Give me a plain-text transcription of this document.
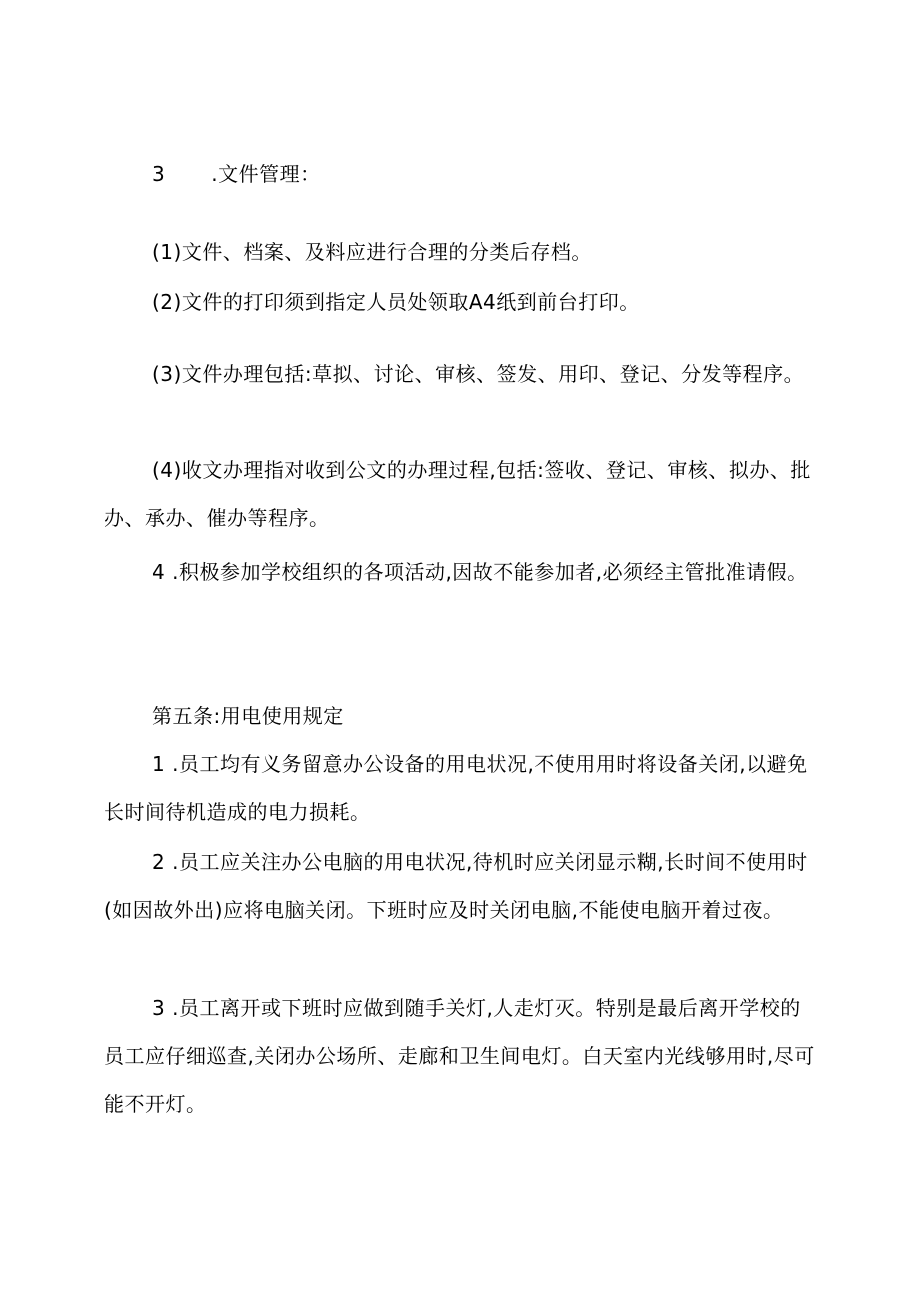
3 .文件管理：

(1)文件、档案、及料应进行合理的分类后存档。

(2)文件的打印须到指定人员处领取A4纸到前台打印。

(3)文件办理包括:草拟、讨论、审核、签发、用印、登记、分发等程序。

(4)收文办理指对收到公文的办理过程,包括:签收、登记、审核、拟办、批办、承办、催办等程序。

4 .积极参加学校组织的各项活动,因故不能参加者,必须经主管批准请假。

第五条:用电使用规定

1 .员工均有义务留意办公设备的用电状况,不使用用时将设备关闭,以避免长时间待机造成的电力损耗。

2 .员工应关注办公电脑的用电状况,待机时应关闭显示糊,长时间不使用时(如因故外出)应将电脑关闭。下班时应及时关闭电脑,不能使电脑开着过夜。

3 .员工离开或下班时应做到随手关灯,人走灯灭。特别是最后离开学校的员工应仔细巡查,关闭办公场所、走廊和卫生间电灯。白天室内光线够用时,尽可能不开灯。
